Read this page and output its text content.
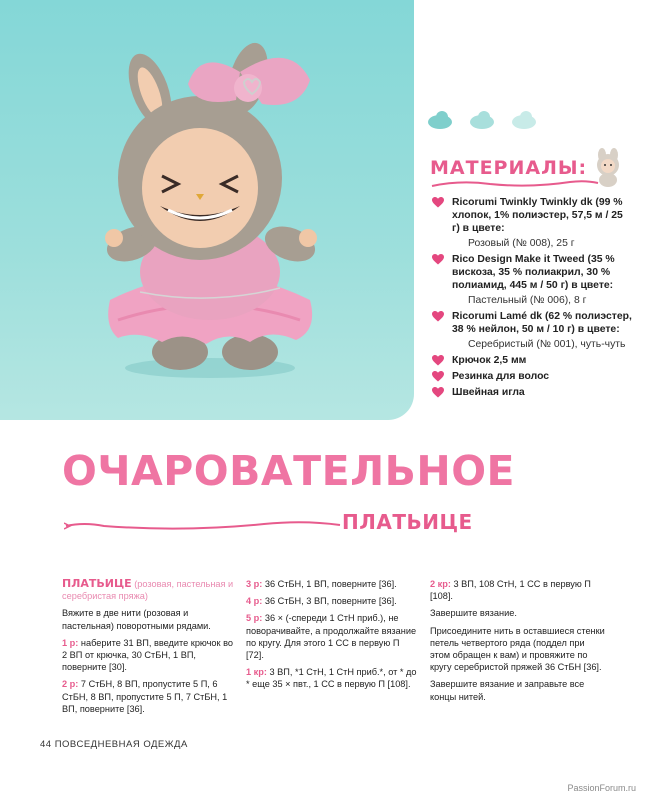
МАТЕРИАЛЫ:
Ricorumi Twinkly Twinkly dk (99 % хлопок, 1% полиэстер, 57,5 м / 25 г) в цвете:
Розовый (№ 008), 25 г
Rico Design Make it Tweed (35 % вискоза, 35 % полиакрил, 30 % полиамид, 445 м / 50 г) в цвете:
Пастельный (№ 006), 8 г
Ricorumi Lamé dk (62 % полиэстер, 38 % нейлон, 50 м / 10 г) в цвете:
Серебристый (№ 001), чуть-чуть
Крючок 2,5 мм
Резинка для волос
Швейная игла
ОЧАРОВАТЕЛЬНОЕ
ПЛАТЬИЦЕ

ПЛАТЬИЦЕ (розовая, пастельная и серебристая пряжа)

Вяжите в две нити (розовая и пастельная) поворотными рядами.

1 р: наберите 31 ВП, введите крючок во 2 ВП от крючка, 30 СтБН, 1 ВП, поверните [30].

2 р: 7 СтБН, 8 ВП, пропустите 5 П, 6 СтБН, 8 ВП, пропустите 5 П, 7 СтБН, 1 ВП, поверните [36].

3 р: 36 СтБН, 1 ВП, поверните [36].

4 р: 36 СтБН, 3 ВП, поверните [36].

5 р: 36 × (-спереди 1 СтН приб.), не поворачивайте, а продолжайте вязание по кругу. Для этого 1 СС в первую П [72].

1 кр: 3 ВП, *1 СтН, 1 СтН приб.*, от * до * еще 35 × пвт., 1 СС в первую П [108].

2 кр: 3 ВП, 108 СтН, 1 СС в первую П [108].

Завершите вязание.

Присоедините нить в оставшиеся стенки петель четвертого ряда (поддел при этом обращен к вам) и провяжите по кругу серебристой пряжей 36 СтБН [36].

Завершите вязание и заправьте все концы нитей.

44 ПОВСЕДНЕВНАЯ ОДЕЖДА
PassionForum.ru
